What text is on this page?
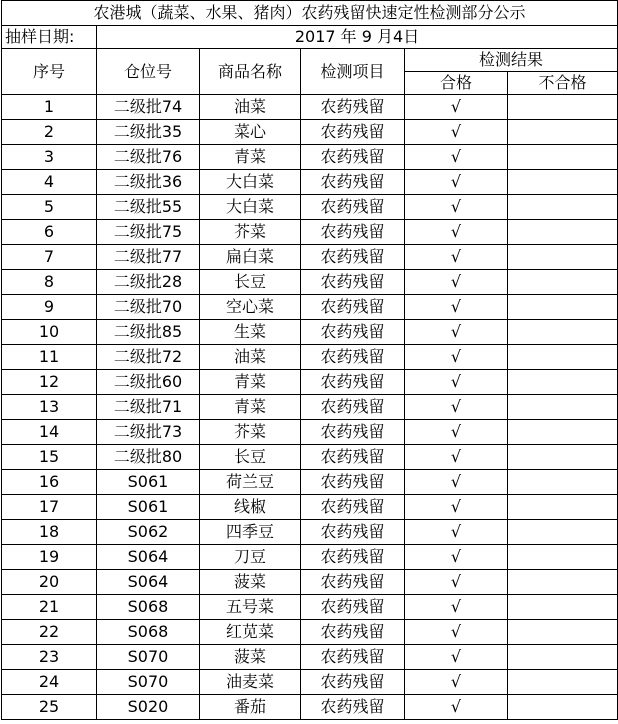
农港城（蔬菜、水果、猪肉）农药残留快速定性检测部分公示					
抽样日期:	2017 年 9 月4日				
序号	仓位号	商品名称	检测项目	检测结果	
				合格	不合格
1	二级批74	油菜	农药残留	√	
2	二级批35	菜心	农药残留	√	
3	二级批76	青菜	农药残留	√	
4	二级批36	大白菜	农药残留	√	
5	二级批55	大白菜	农药残留	√	
6	二级批75	芥菜	农药残留	√	
7	二级批77	扁白菜	农药残留	√	
8	二级批28	长豆	农药残留	√	
9	二级批70	空心菜	农药残留	√	
10	二级批85	生菜	农药残留	√	
11	二级批72	油菜	农药残留	√	
12	二级批60	青菜	农药残留	√	
13	二级批71	青菜	农药残留	√	
14	二级批73	芥菜	农药残留	√	
15	二级批80	长豆	农药残留	√	
16	S061	荷兰豆	农药残留	√	
17	S061	线椒	农药残留	√	
18	S062	四季豆	农药残留	√	
19	S064	刀豆	农药残留	√	
20	S064	菠菜	农药残留	√	
21	S068	五号菜	农药残留	√	
22	S068	红苋菜	农药残留	√	
23	S070	菠菜	农药残留	√	
24	S070	油麦菜	农药残留	√	
25	S020	番茄	农药残留	√	
